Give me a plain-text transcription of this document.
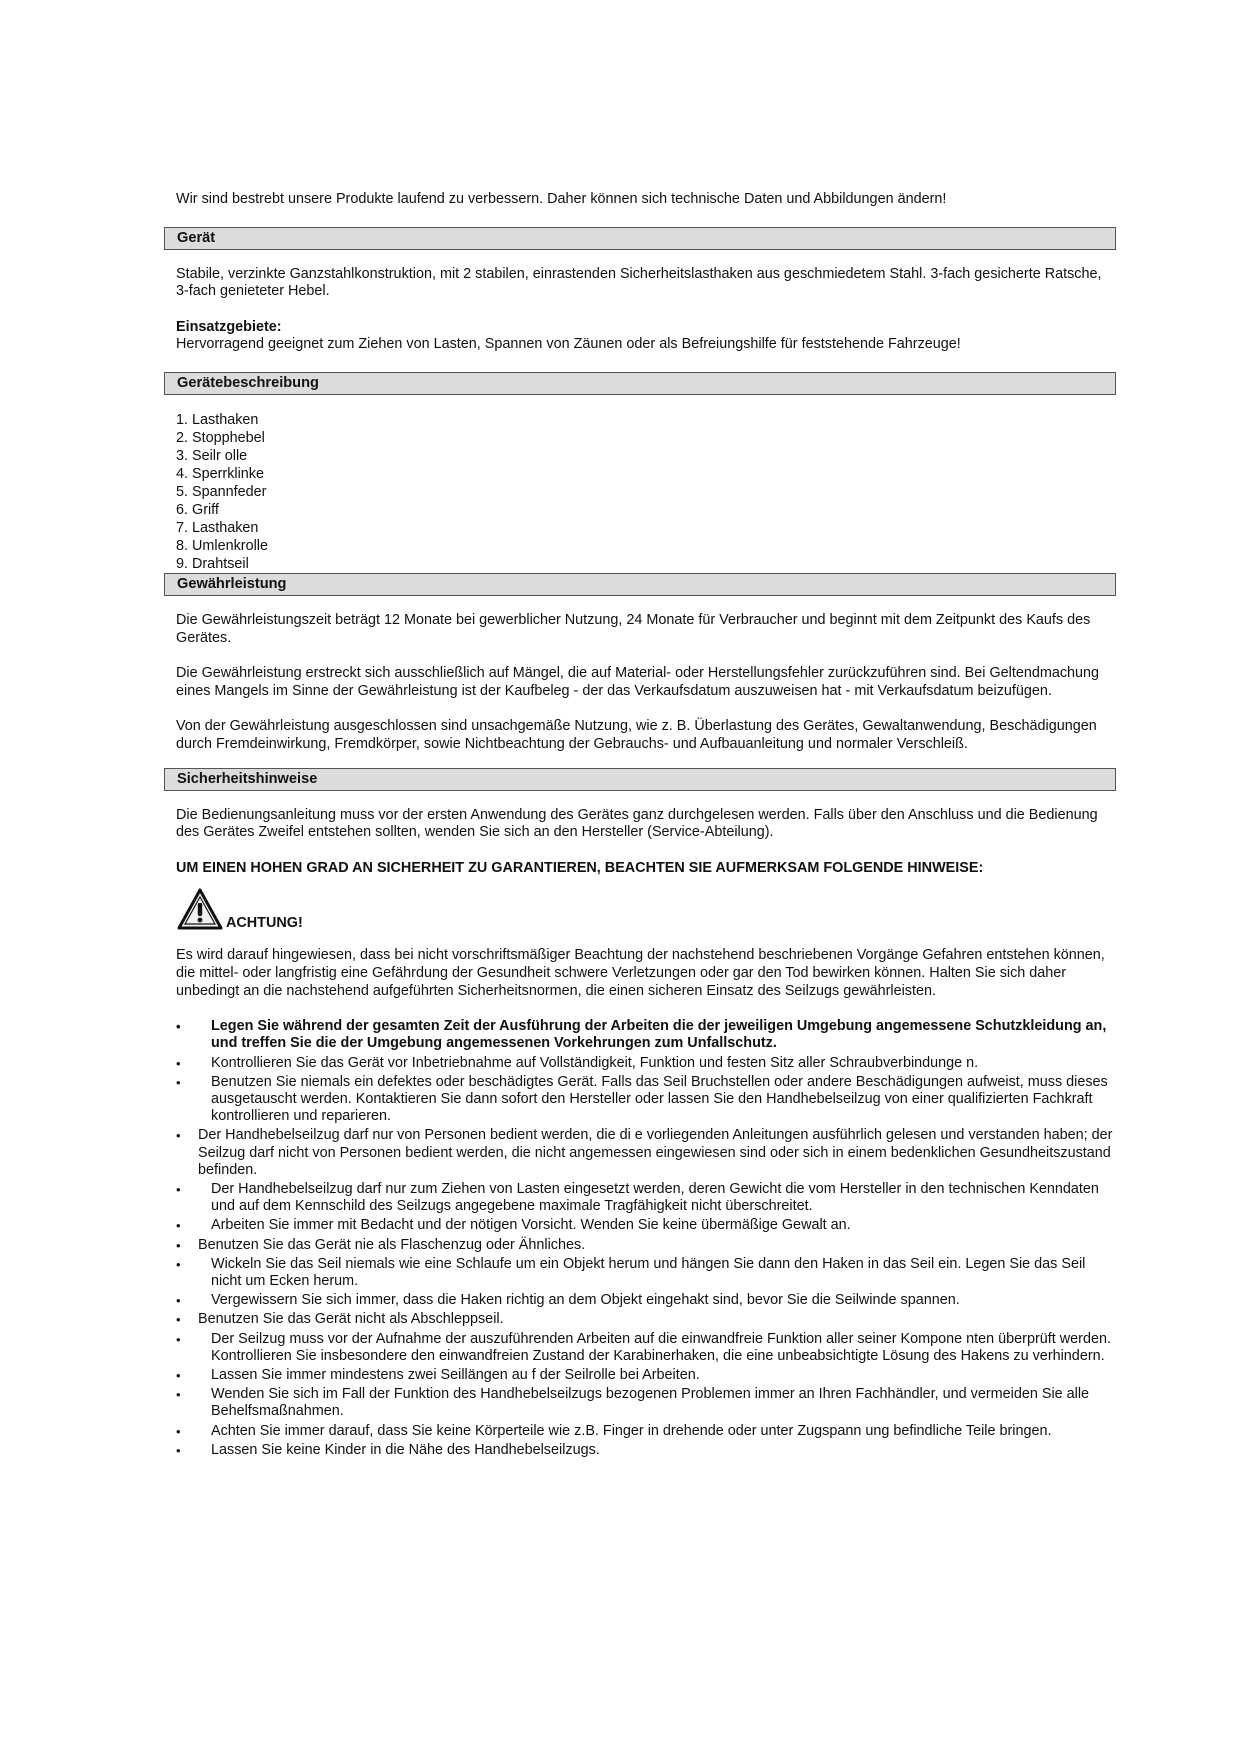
Wir sind bestrebt unsere Produkte laufend zu verbessern. Daher können sich technische Daten und Abbildungen ändern!

Gerät

Stabile, verzinkte Ganzstahlkonstruktion, mit 2 stabilen, einrastenden Sicherheitslasthaken aus geschmiedetem Stahl. 3-fach gesicherte Ratsche, 3-fach genieteter Hebel.

Einsatzgebiete:

Hervorragend geeignet zum Ziehen von Lasten, Spannen von Zäunen oder als Befreiungshilfe für feststehende Fahrzeuge!

Gerätebeschreibung
1. Lasthaken
2. Stopphebel
3. Seilr olle
4. Sperrklinke
5. Spannfeder
6. Griff
7. Lasthaken
8. Umlenkrolle
9. Drahtseil
Gewährleistung

Die Gewährleistungszeit beträgt 12 Monate bei gewerblicher Nutzung, 24 Monate für Verbraucher und beginnt mit dem Zeitpunkt des Kaufs des Gerätes.

Die Gewährleistung erstreckt sich ausschließlich auf Mängel, die auf Material- oder Herstellungsfehler zurückzuführen sind. Bei Geltendmachung eines Mangels im Sinne der Gewährleistung ist der Kaufbeleg - der das Verkaufsdatum auszuweisen hat - mit Verkaufsdatum beizufügen.

Von der Gewährleistung ausgeschlossen sind unsachgemäße Nutzung, wie z. B. Überlastung des Gerätes, Gewaltanwendung, Beschädigungen durch Fremdeinwirkung, Fremdkörper, sowie Nichtbeachtung der Gebrauchs- und Aufbauanleitung und normaler Verschleiß.

Sicherheitshinweise

Die Bedienungsanleitung muss vor der ersten Anwendung des Gerätes ganz durchgelesen werden. Falls über den Anschluss und die Bedienung des Gerätes Zweifel entstehen sollten, wenden Sie sich an den Hersteller (Service-Abteilung).

UM EINEN HOHEN GRAD AN SICHERHEIT ZU GARANTIEREN, BEACHTEN SIE AUFMERKSAM FOLGENDE HINWEISE:

ACHTUNG!

Es wird darauf hingewiesen, dass bei nicht vorschriftsmäßiger Beachtung der nachstehend beschriebenen Vorgänge Gefahren entstehen können, die mittel- oder langfristig eine Gefährdung der Gesundheit schwere Verletzungen oder gar den Tod bewirken können. Halten Sie sich daher unbedingt an die nachstehend aufgeführten Sicherheitsnormen, die einen sicheren Einsatz des Seilzugs gewährleisten.

• Legen Sie während der gesamten Zeit der Ausführung der Arbeiten die der jeweiligen Umgebung angemessene Schutzkleidung an, und treffen Sie die der Umgebung angemessenen Vorkehrungen zum Unfallschutz.
• Kontrollieren Sie das Gerät vor Inbetriebnahme auf Vollständigkeit, Funktion und festen Sitz aller Schraubverbindunge n.
• Benutzen Sie niemals ein defektes oder beschädigtes Gerät. Falls das Seil Bruchstellen oder andere Beschädigungen aufweist, muss dieses ausgetauscht werden. Kontaktieren Sie dann sofort den Hersteller oder lassen Sie den Handhebelseilzug von einer qualifizierten Fachkraft kontrollieren und reparieren.
• Der Handhebelseilzug darf nur von Personen bedient werden, die di e vorliegenden Anleitungen ausführlich gelesen und verstanden haben; der Seilzug darf nicht von Personen bedient werden, die nicht angemessen eingewiesen sind oder sich in einem bedenklichen Gesundheitszustand befinden.
• Der Handhebelseilzug darf nur zum Ziehen von Lasten eingesetzt werden, deren Gewicht die vom Hersteller in den technischen Kenndaten und auf dem Kennschild des Seilzugs angegebene maximale Tragfähigkeit nicht überschreitet.
• Arbeiten Sie immer mit Bedacht und der nötigen Vorsicht. Wenden Sie keine übermäßige Gewalt an.
• Benutzen Sie das Gerät nie als Flaschenzug oder Ähnliches.
• Wickeln Sie das Seil niemals wie eine Schlaufe um ein Objekt herum und hängen Sie dann den Haken in das Seil ein. Legen Sie das Seil nicht um Ecken herum.
• Vergewissern Sie sich immer, dass die Haken richtig an dem Objekt eingehakt sind, bevor Sie die Seilwinde spannen.
• Benutzen Sie das Gerät nicht als Abschleppseil.
• Der Seilzug muss vor der Aufnahme der auszuführenden Arbeiten auf die einwandfreie Funktion aller seiner Kompone nten überprüft werden. Kontrollieren Sie insbesondere den einwandfreien Zustand der Karabinerhaken, die eine unbeabsichtigte Lösung des Hakens zu verhindern.
• Lassen Sie immer mindestens zwei Seillängen au f der Seilrolle bei Arbeiten.
• Wenden Sie sich im Fall der Funktion des Handhebelseilzugs bezogenen Problemen immer an Ihren Fachhändler, und vermeiden Sie alle Behelfsmaßnahmen.
• Achten Sie immer darauf, dass Sie keine Körperteile wie z.B. Finger in drehende oder unter Zugspann ung befindliche Teile bringen.
• Lassen Sie keine Kinder in die Nähe des Handhebelseilzugs.
